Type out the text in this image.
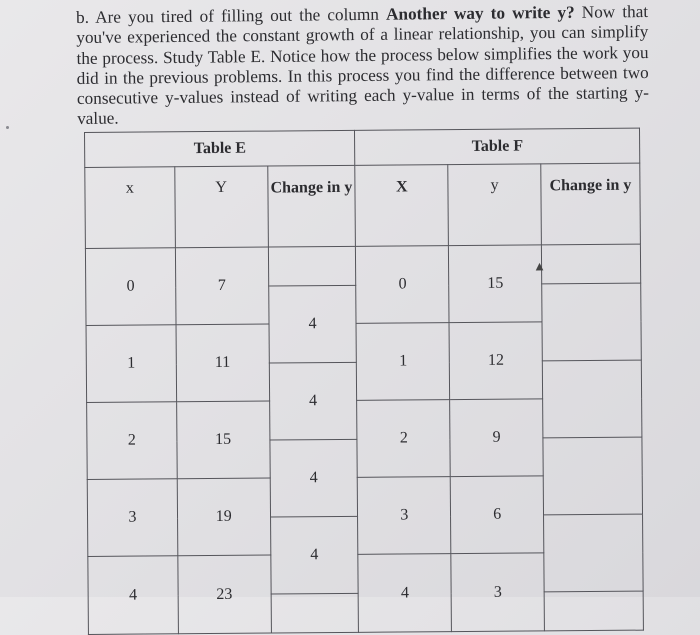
b. Are you tired of filling out the column Another way to write y? Now that you've experienced the constant growth of a linear relationship, you can simplify the process. Study Table E. Notice how the process below simplifies the work you did in the previous problems. In this process you find the difference between two consecutive y-values instead of writing each y-value in terms of the starting y-value.

Table E			Table F		
x	Y	Change in y	X	y	Change in y
0	7		0	15	
		4			
1	11		1	12	
		4			
2	15		2	9	
		4			
3	19		3	6	
		4			
4	23		4	3	

▲
